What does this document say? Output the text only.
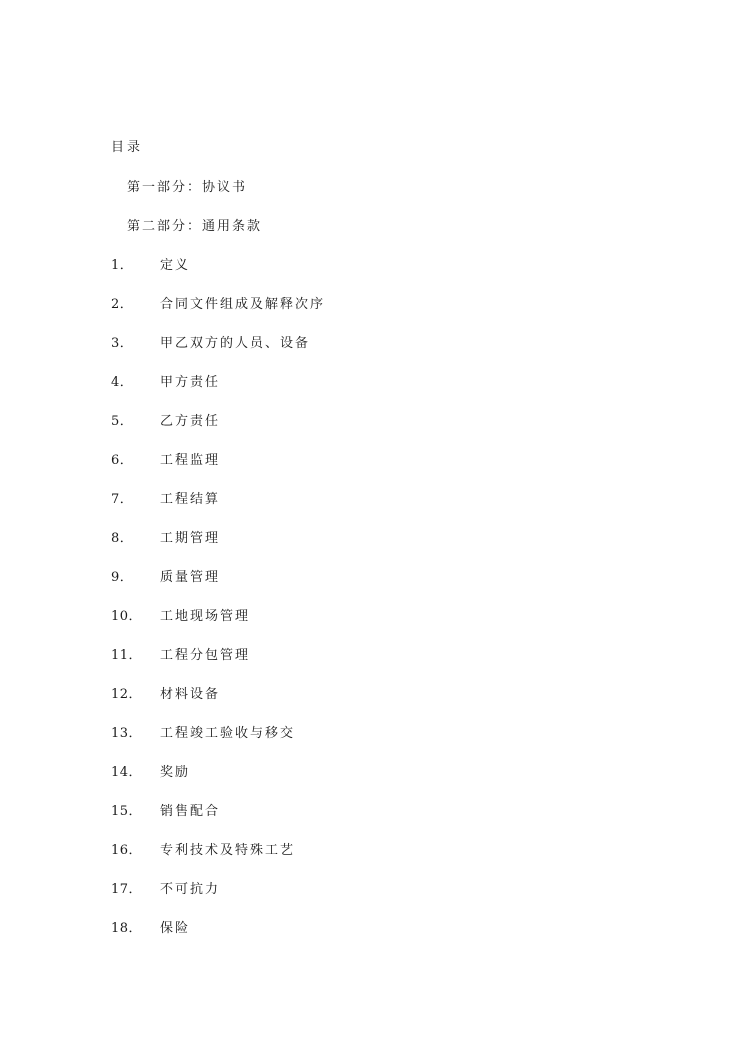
目录
第一部分：协议书
第二部分：通用条款
1． 定义
2． 合同文件组成及解释次序
3． 甲乙双方的人员、设备
4． 甲方责任
5． 乙方责任
6． 工程监理
7． 工程结算
8． 工期管理
9． 质量管理
10． 工地现场管理
11． 工程分包管理
12． 材料设备
13． 工程竣工验收与移交
14． 奖励
15． 销售配合
16． 专利技术及特殊工艺
17． 不可抗力
18． 保险
